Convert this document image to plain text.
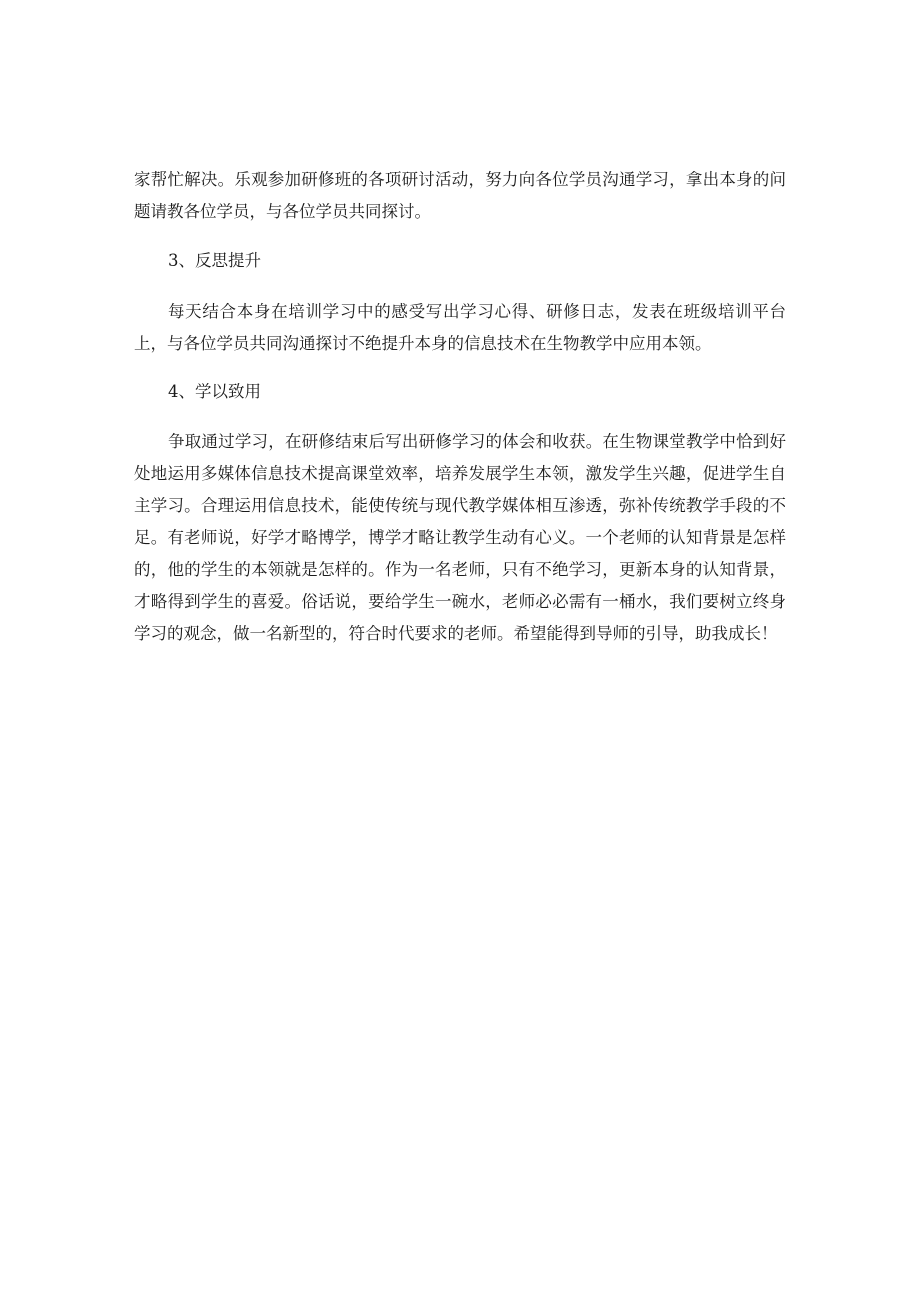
家帮忙解决。乐观参加研修班的各项研讨活动，努力向各位学员沟通学习，拿出本身的问题请教各位学员，与各位学员共同探讨。

3、反思提升

每天结合本身在培训学习中的感受写出学习心得、研修日志，发表在班级培训平台上，与各位学员共同沟通探讨不绝提升本身的信息技术在生物教学中应用本领。

4、学以致用

争取通过学习，在研修结束后写出研修学习的体会和收获。在生物课堂教学中恰到好处地运用多媒体信息技术提高课堂效率，培养发展学生本领，激发学生兴趣，促进学生自主学习。合理运用信息技术，能使传统与现代教学媒体相互渗透，弥补传统教学手段的不足。有老师说，好学才略博学，博学才略让教学生动有心义。一个老师的认知背景是怎样的，他的学生的本领就是怎样的。作为一名老师，只有不绝学习，更新本身的认知背景，才略得到学生的喜爱。俗话说，要给学生一碗水，老师必必需有一桶水，我们要树立终身学习的观念，做一名新型的，符合时代要求的老师。希望能得到导师的引导，助我成长！
